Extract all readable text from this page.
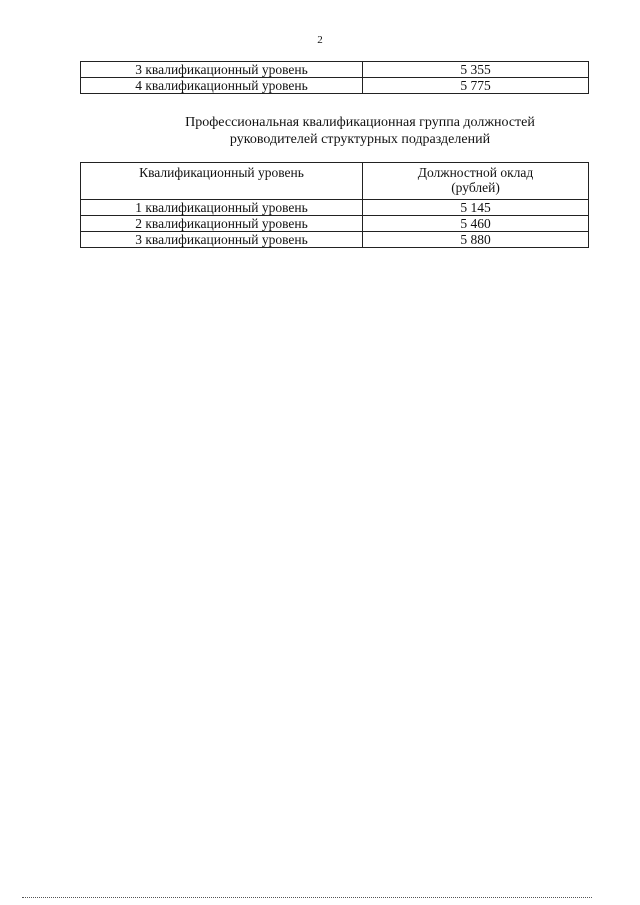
2
3 квалификационный уровень	5 355
4 квалификационный уровень	5 775
Профессиональная квалификационная группа должностей
руководителей структурных подразделений
Квалификационный уровень	Должностной оклад
(рублей)

1 квалификационный уровень	5 145
2 квалификационный уровень	5 460
3 квалификационный уровень	5 880
